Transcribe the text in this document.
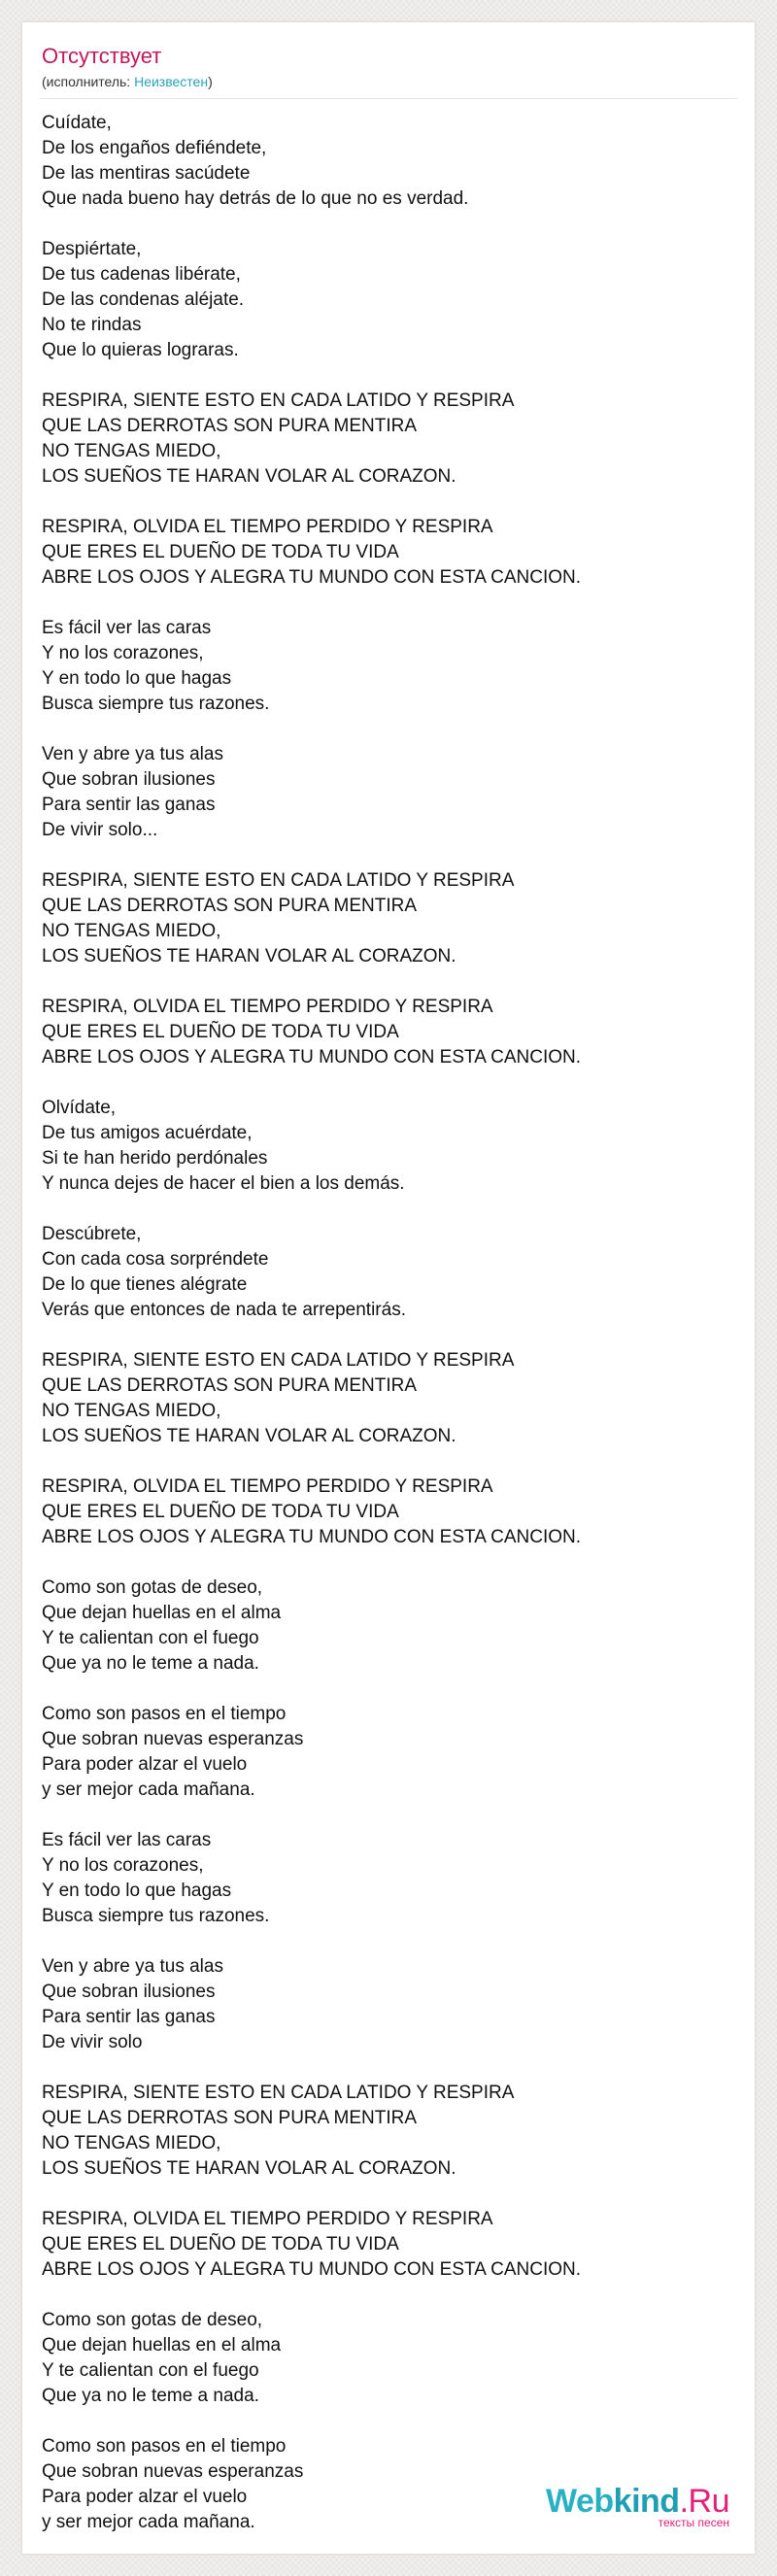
Отсутствует
(исполнитель: Неизвестен)
Cuídate,
De los engaños defiéndete,
De las mentiras sacúdete
Que nada bueno hay detrás de lo que no es verdad.
Despiértate,
De tus cadenas libérate,
De las condenas aléjate.
No te rindas
Que lo quieras lograras.
RESPIRA, SIENTE ESTO EN CADA LATIDO Y RESPIRA
QUE LAS DERROTAS SON PURA MENTIRA
NO TENGAS MIEDO,
LOS SUEÑOS TE HARAN VOLAR AL CORAZON.
RESPIRA, OLVIDA EL TIEMPO PERDIDO Y RESPIRA
QUE ERES EL DUEÑO DE TODA TU VIDA
ABRE LOS OJOS Y ALEGRA TU MUNDO CON ESTA CANCION.
Es fácil ver las caras
Y no los corazones,
Y en todo lo que hagas
Busca siempre tus razones.
Ven y abre ya tus alas
Que sobran ilusiones
Para sentir las ganas
De vivir solo...
RESPIRA, SIENTE ESTO EN CADA LATIDO Y RESPIRA
QUE LAS DERROTAS SON PURA MENTIRA
NO TENGAS MIEDO,
LOS SUEÑOS TE HARAN VOLAR AL CORAZON.
RESPIRA, OLVIDA EL TIEMPO PERDIDO Y RESPIRA
QUE ERES EL DUEÑO DE TODA TU VIDA
ABRE LOS OJOS Y ALEGRA TU MUNDO CON ESTA CANCION.
Olvídate,
De tus amigos acuérdate,
Si te han herido perdónales
Y nunca dejes de hacer el bien a los demás.
Descúbrete,
Con cada cosa sorpréndete
De lo que tienes alégrate
Verás que entonces de nada te arrepentirás.
RESPIRA, SIENTE ESTO EN CADA LATIDO Y RESPIRA
QUE LAS DERROTAS SON PURA MENTIRA
NO TENGAS MIEDO,
LOS SUEÑOS TE HARAN VOLAR AL CORAZON.
RESPIRA, OLVIDA EL TIEMPO PERDIDO Y RESPIRA
QUE ERES EL DUEÑO DE TODA TU VIDA
ABRE LOS OJOS Y ALEGRA TU MUNDO CON ESTA CANCION.
Como son gotas de deseo,
Que dejan huellas en el alma
Y te calientan con el fuego
Que ya no le teme a nada.
Como son pasos en el tiempo
Que sobran nuevas esperanzas
Para poder alzar el vuelo
y ser mejor cada mañana.
Es fácil ver las caras
Y no los corazones,
Y en todo lo que hagas
Busca siempre tus razones.
Ven y abre ya tus alas
Que sobran ilusiones
Para sentir las ganas
De vivir solo
RESPIRA, SIENTE ESTO EN CADA LATIDO Y RESPIRA
QUE LAS DERROTAS SON PURA MENTIRA
NO TENGAS MIEDO,
LOS SUEÑOS TE HARAN VOLAR AL CORAZON.
RESPIRA, OLVIDA EL TIEMPO PERDIDO Y RESPIRA
QUE ERES EL DUEÑO DE TODA TU VIDA
ABRE LOS OJOS Y ALEGRA TU MUNDO CON ESTA CANCION.
Como son gotas de deseo,
Que dejan huellas en el alma
Y te calientan con el fuego
Que ya no le teme a nada.
Como son pasos en el tiempo
Que sobran nuevas esperanzas
Para poder alzar el vuelo
y ser mejor cada mañana.
Webkind.Ru
тексты песен
